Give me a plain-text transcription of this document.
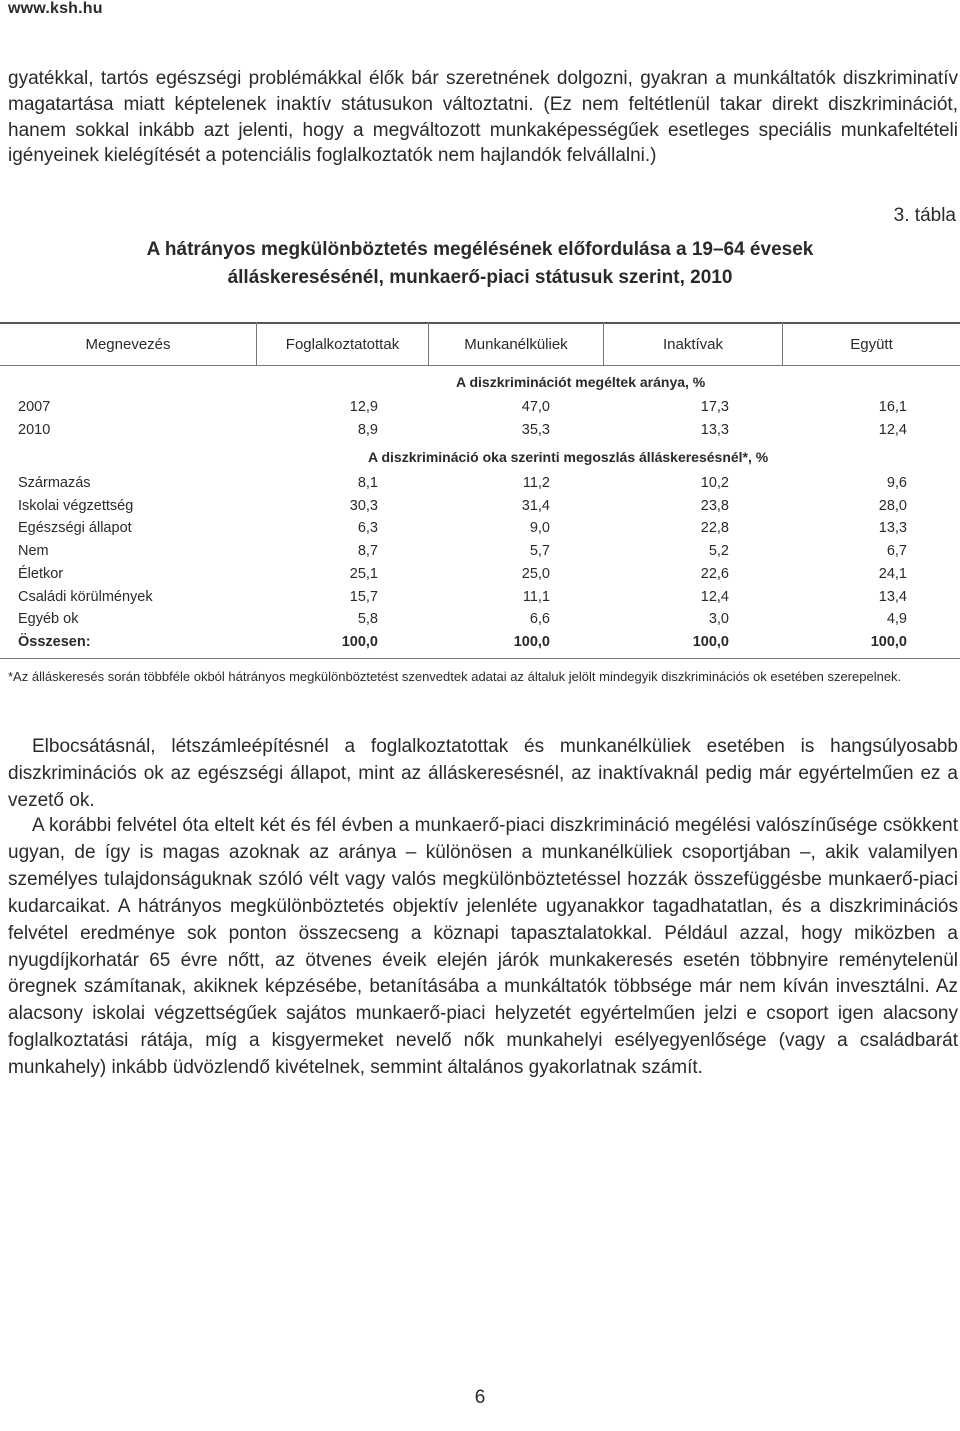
www.ksh.hu

gyatékkal, tartós egészségi problémákkal élők bár szeretnének dolgozni, gyakran a munkáltatók diszkriminatív magatartása miatt képtelenek inaktív státusukon változtatni. (Ez nem feltétlenül takar direkt diszkriminációt, hanem sokkal inkább azt jelenti, hogy a megváltozott munkaképességűek esetleges speciális munkafeltételi igényeinek kielégítését a potenciális foglalkoztatók nem hajlandók felvállalni.)

3. tábla
A hátrányos megkülönböztetés megélésének előfordulása a 19–64 évesek
álláskeresésénél, munkaerő-piaci státusuk szerint, 2010
Megnevezés	Foglalkoztatottak	Munkanélküliek	Inaktívak	Együtt
A diszkriminációt megéltek aránya, %
2007	12,9	47,0	17,3	16,1
2010	8,9	35,3	13,3	12,4
A diszkrimináció oka szerinti megoszlás álláskeresésnél*, %
Származás	8,1	11,2	10,2	9,6
Iskolai végzettség	30,3	31,4	23,8	28,0
Egészségi állapot	6,3	9,0	22,8	13,3
Nem	8,7	5,7	5,2	6,7
Életkor	25,1	25,0	22,6	24,1
Családi körülmények	15,7	11,1	12,4	13,4
Egyéb ok	5,8	6,6	3,0	4,9
Összesen:	100,0	100,0	100,0	100,0
*Az álláskeresés során többféle okból hátrányos megkülönböztetést szenvedtek adatai az általuk jelölt mindegyik diszkriminációs ok esetében szerepelnek.

Elbocsátásnál, létszámleépítésnél a foglalkoztatottak és munkanélküliek esetében is hangsúlyosabb diszkriminációs ok az egészségi állapot, mint az álláskeresésnél, az inaktívaknál pedig már egyértelműen ez a vezető ok.

A korábbi felvétel óta eltelt két és fél évben a munkaerő-piaci diszkrimináció megélési valószínűsége csökkent ugyan, de így is magas azoknak az aránya – különösen a munkanélküliek csoportjában –, akik valamilyen személyes tulajdonságuknak szóló vélt vagy valós megkülönböztetéssel hozzák összefüggésbe munkaerő-piaci kudarcaikat. A hátrányos megkülönböztetés objektív jelenléte ugyanakkor tagadhatatlan, és a diszkriminációs felvétel eredménye sok ponton összecseng a köznapi tapasztalatokkal. Például azzal, hogy miközben a nyugdíjkorhatár 65 évre nőtt, az ötvenes éveik elején járók munkakeresés esetén többnyire reménytelenül öregnek számítanak, akiknek képzésébe, betanításába a munkáltatók többsége már nem kíván invesztálni. Az alacsony iskolai végzettségűek sajátos munkaerő-piaci helyzetét egyértelműen jelzi e csoport igen alacsony foglalkoztatási rátája, míg a kisgyermeket nevelő nők munkahelyi esélyegyenlősége (vagy a családbarát munkahely) inkább üdvözlendő kivételnek, semmint általános gyakorlatnak számít.

6
